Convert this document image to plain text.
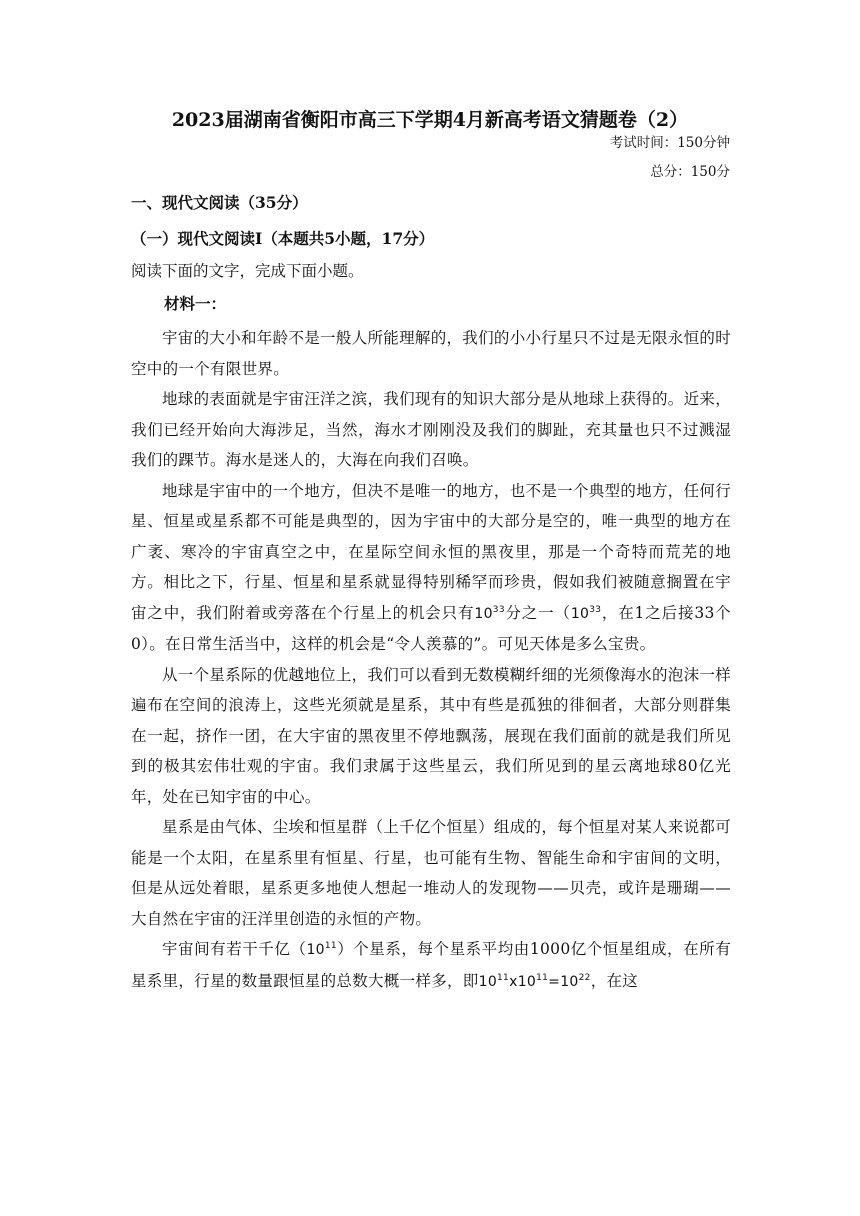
2023届湖南省衡阳市高三下学期4月新高考语文猜题卷（2）
考试时间：150分钟
总分：150分
一、现代文阅读（35分）
（一）现代文阅读Ⅰ（本题共5小题，17分）
阅读下面的文字，完成下面小题。
材料一：

宇宙的大小和年龄不是一般人所能理解的，我们的小小行星只不过是无限永恒的时空中的一个有限世界。

地球的表面就是宇宙汪洋之滨，我们现有的知识大部分是从地球上获得的。近来，我们已经开始向大海涉足，当然，海水才刚刚没及我们的脚趾，充其量也只不过溅湿我们的踝节。海水是迷人的，大海在向我们召唤。

地球是宇宙中的一个地方，但决不是唯一的地方，也不是一个典型的地方，任何行星、恒星或星系都不可能是典型的，因为宇宙中的大部分是空的，唯一典型的地方在广袤、寒冷的宇宙真空之中，在星际空间永恒的黑夜里，那是一个奇特而荒芜的地方。相比之下，行星、恒星和星系就显得特别稀罕而珍贵，假如我们被随意搁置在宇宙之中，我们附着或旁落在个行星上的机会只有$10^{33}$分之一（$10^{33}$，在1之后接33个0）。在日常生活当中，这样的机会是“令人羡慕的”。可见天体是多么宝贵。

从一个星系际的优越地位上，我们可以看到无数模糊纤细的光须像海水的泡沫一样遍布在空间的浪涛上，这些光须就是星系，其中有些是孤独的徘徊者，大部分则群集在一起，挤作一团，在大宇宙的黑夜里不停地飘荡，展现在我们面前的就是我们所见到的极其宏伟壮观的宇宙。我们隶属于这些星云，我们所见到的星云离地球80亿光年，处在已知宇宙的中心。

星系是由气体、尘埃和恒星群（上千亿个恒星）组成的，每个恒星对某人来说都可能是一个太阳，在星系里有恒星、行星，也可能有生物、智能生命和宇宙间的文明，但是从远处着眼，星系更多地使人想起一堆动人的发现物——贝壳，或许是珊瑚——大自然在宇宙的汪洋里创造的永恒的产物。

宇宙间有若干千亿$(10^{11})$个星系，每个星系平均由1000亿个恒星组成，在所有星系里，行星的数量跟恒星的总数大概一样多，即$10^{11}x10^{11}=10^{22}$，在这
